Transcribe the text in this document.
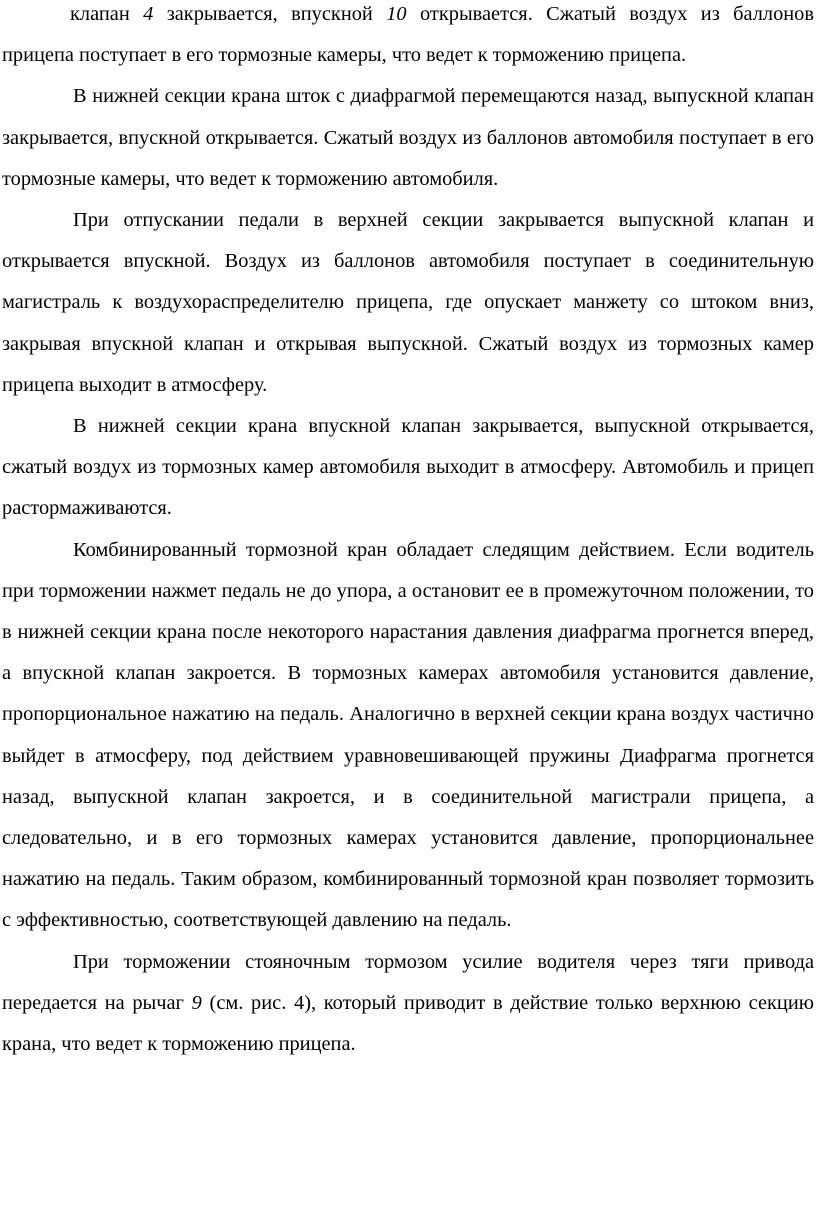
клапан 4 закрывается, впускной 10 открывается. Сжатый воздух из баллонов прицепа поступает в его тормозные камеры, что ведет к торможению прицепа.

В нижней секции крана шток с диафрагмой перемещаются назад, выпускной клапан закрывается, впускной открывается. Сжатый воздух из баллонов автомобиля поступает в его тормозные камеры, что ведет к торможению автомобиля.

При отпускании педали в верхней секции закрывается выпускной клапан и открывается впускной. Воздух из баллонов автомобиля поступает в соединительную магистраль к воздухораспределителю прицепа, где опускает манжету со штоком вниз, закрывая впускной клапан и открывая выпускной. Сжатый воздух из тормозных камер прицепа выходит в атмосферу.

В нижней секции крана впускной клапан закрывается, выпускной открывается, сжатый воздух из тормозных камер автомобиля выходит в атмосферу. Автомобиль и прицеп растормаживаются.

Комбинированный тормозной кран обладает следящим действием. Если водитель при торможении нажмет педаль не до упора, а остановит ее в промежуточном положении, то в нижней секции крана после некоторого нарастания давления диафрагма прогнется вперед, а впускной клапан закроется. В тормозных камерах автомобиля установится давление, пропорциональное нажатию на педаль. Аналогично в верхней секции крана воздух частично выйдет в атмосферу, под действием уравновешивающей пружины Диафрагма прогнется назад, выпускной клапан закроется, и в соединительной магистрали прицепа, а следовательно, и в его тормозных камерах установится давление, пропорциональнее нажатию на педаль. Таким образом, комбинированный тормозной кран позволяет тормозить с эффективностью, соответствующей давлению на педаль.

При торможении стояночным тормозом усилие водителя через тяги привода передается на рычаг 9 (см. рис. 4), который приводит в действие только верхнюю секцию крана, что ведет к торможению прицепа.
